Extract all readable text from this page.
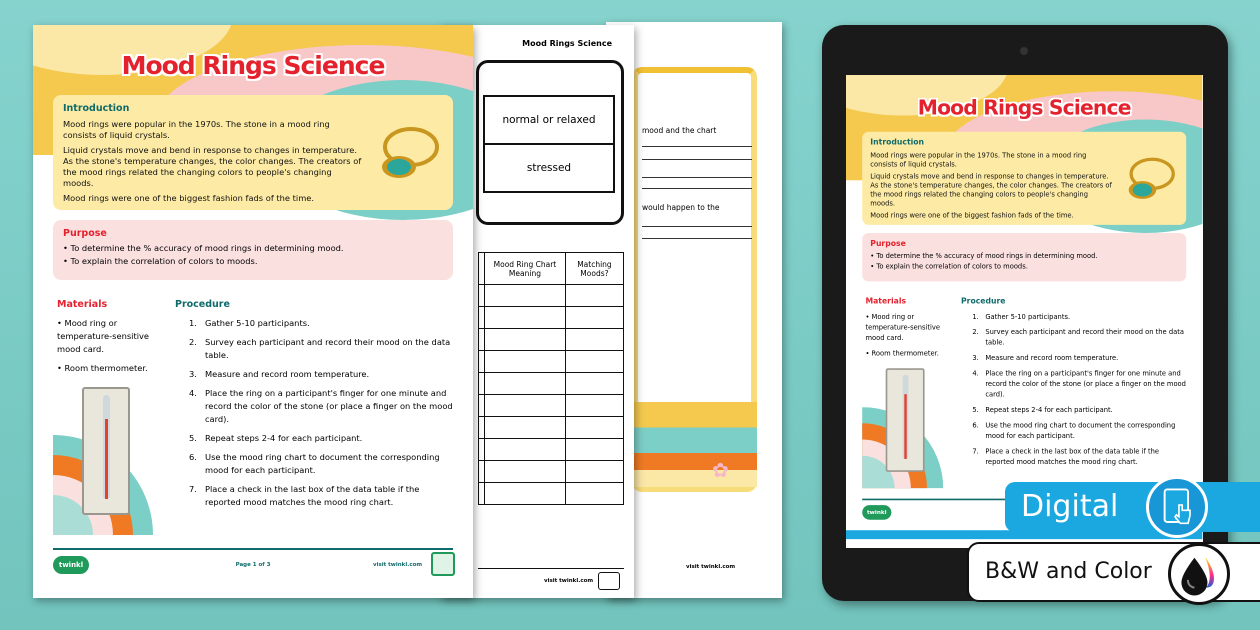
mood and the chart
would happen to the
✿
visit twinkl.com
Mood Rings Science
normal or relaxed
stressed
	Mood Ring Chart Meaning	Matching Moods?

visit twinkl.com
Mood Rings Science
Introduction

Mood rings were popular in the 1970s. The stone in a mood ring consists of liquid crystals.

Liquid crystals move and bend in response to changes in temperature. As the stone's temperature changes, the color changes. The creators of the mood rings related the changing colors to people's changing moods.

Mood rings were one of the biggest fashion fads of the time.

Purpose
• To determine the % accuracy of mood rings in determining mood.
• To explain the correlation of colors to moods.
Materials
• Mood ring or temperature-sensitive mood card.
• Room thermometer.
Procedure
1. Gather 5-10 participants.
2. Survey each participant and record their mood on the data table.
3. Measure and record room temperature.
4. Place the ring on a participant's finger for one minute and record the color of the stone (or place a finger on the mood card).
5. Repeat steps 2-4 for each participant.
6. Use the mood ring chart to document the corresponding mood for each participant.
7. Place a check in the last box of the data table if the reported mood matches the mood ring chart.
twinkl	Page 1 of 3	visit twinkl.com
Mood Rings Science
Introduction

Mood rings were popular in the 1970s. The stone in a mood ring consists of liquid crystals.

Liquid crystals move and bend in response to changes in temperature. As the stone's temperature changes, the color changes. The creators of the mood rings related the changing colors to people's changing moods.

Mood rings were one of the biggest fashion fads of the time.

Purpose
• To determine the % accuracy of mood rings in determining mood.
• To explain the correlation of colors to moods.
Materials
• Mood ring or temperature-sensitive mood card.
• Room thermometer.
Procedure
1. Gather 5-10 participants.
2. Survey each participant and record their mood on the data table.
3. Measure and record room temperature.
4. Place the ring on a participant's finger for one minute and record the color of the stone (or place a finger on the mood card).
5. Repeat steps 2-4 for each participant.
6. Use the mood ring chart to document the corresponding mood for each participant.
7. Place a check in the last box of the data table if the reported mood matches the mood ring chart.
twinkl	Digital
B&W and Color
